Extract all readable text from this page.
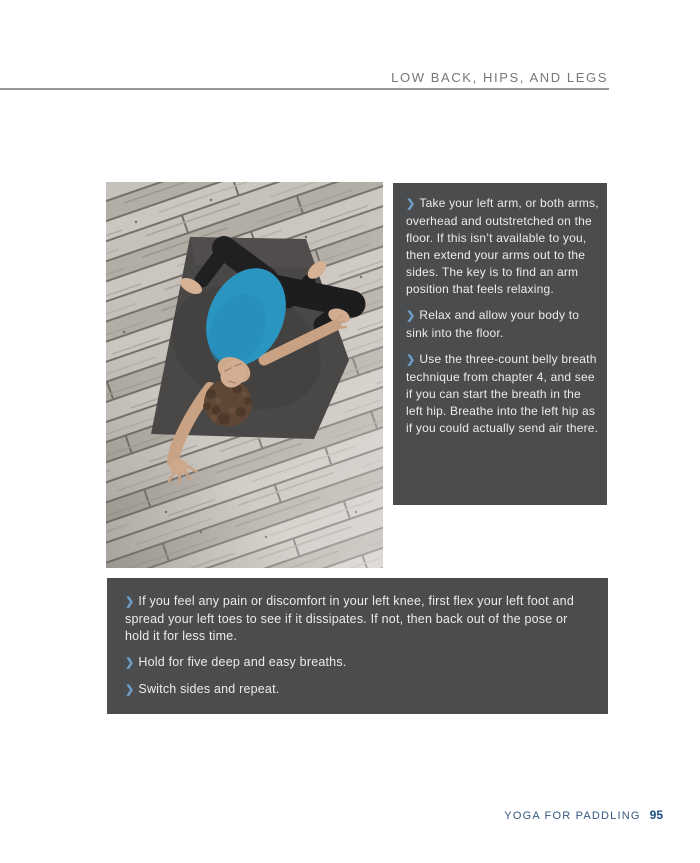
LOW BACK, HIPS, AND LEGS

❯ Take your left arm, or both arms, overhead and outstretched on the floor. If this isn’t available to you, then extend your arms out to the sides. The key is to find an arm position that feels relaxing.

❯ Relax and allow your body to sink into the floor.

❯ Use the three-count belly breath technique from chapter 4, and see if you can start the breath in the left hip. Breathe into the left hip as if you could actually send air there.

❯ If you feel any pain or discomfort in your left knee, first flex your left foot and spread your left toes to see if it dissipates. If not, then back out of the pose or hold it for less time.

❯ Hold for five deep and easy breaths.

❯ Switch sides and repeat.

YOGA FOR PADDLING 95
